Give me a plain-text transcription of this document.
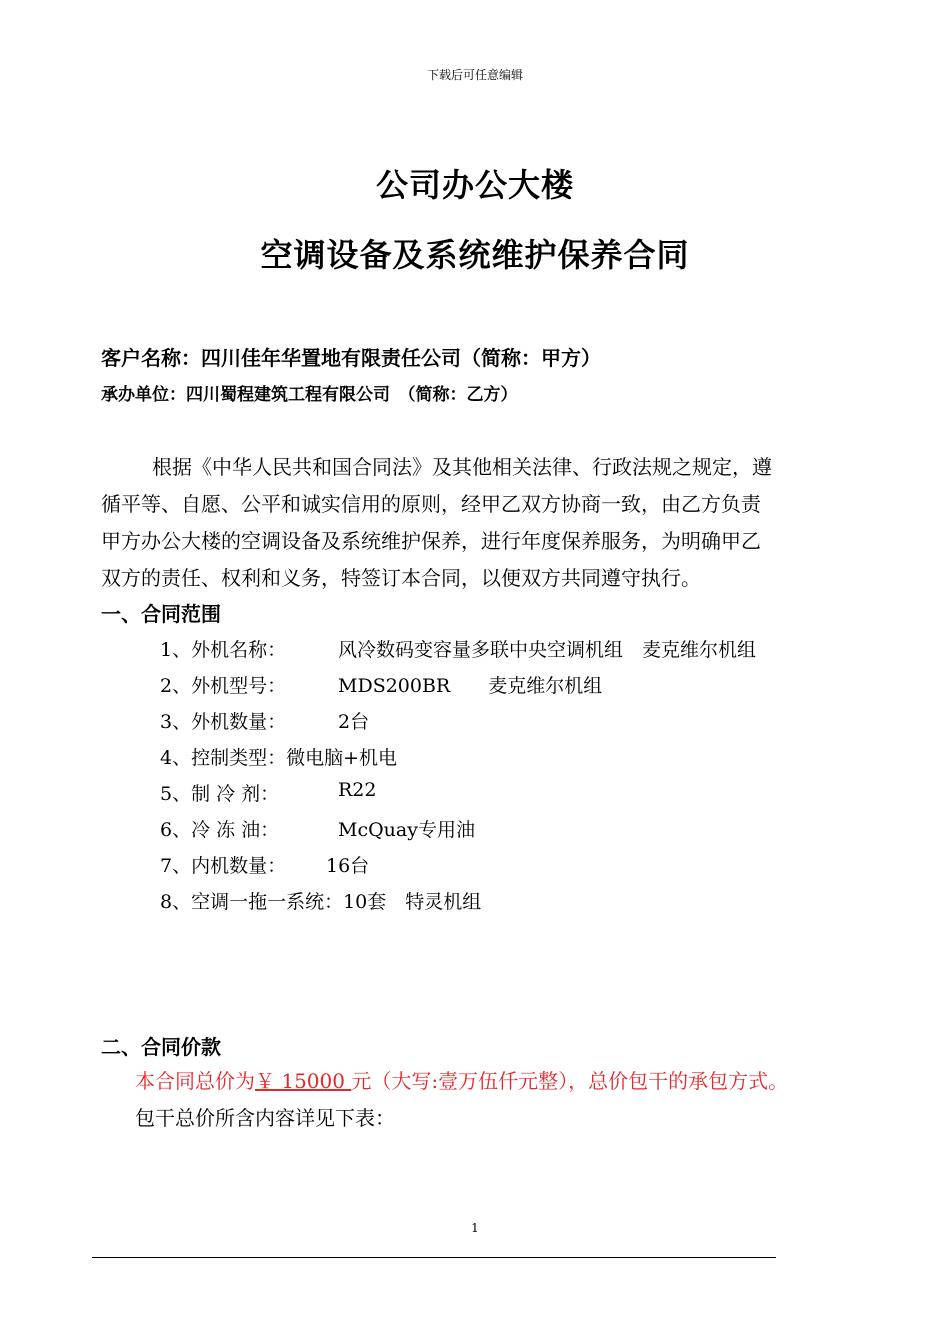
下载后可任意编辑
公司办公大楼
空调设备及系统维护保养合同
客户名称：四川佳年华置地有限责任公司（简称：甲方）
承办单位：四川蜀程建筑工程有限公司　（简称：乙方）
根据《中华人民共和国合同法》及其他相关法律、行政法规之规定，遵
循平等、自愿、公平和诚实信用的原则，经甲乙双方协商一致，由乙方负责
甲方办公大楼的空调设备及系统维护保养，进行年度保养服务，为明确甲乙
双方的责任、权利和义务，特签订本合同，以便双方共同遵守执行。
一、合同范围
1、外机名称：	风冷数码变容量多联中央空调机组　麦克维尔机组
2、外机型号：	MDS200BR　　麦克维尔机组
3、外机数量：	2台
4、控制类型：微电脑+机电
5、制 冷 剂：	R22
6、冷 冻 油：	McQuay专用油
7、内机数量： 16台
8、空调一拖一系统：10套　特灵机组
二、合同价款
本合同总价为￥ 15000 元（大写:壹万伍仟元整），总价包干的承包方式。
包干总价所含内容详见下表：
1
